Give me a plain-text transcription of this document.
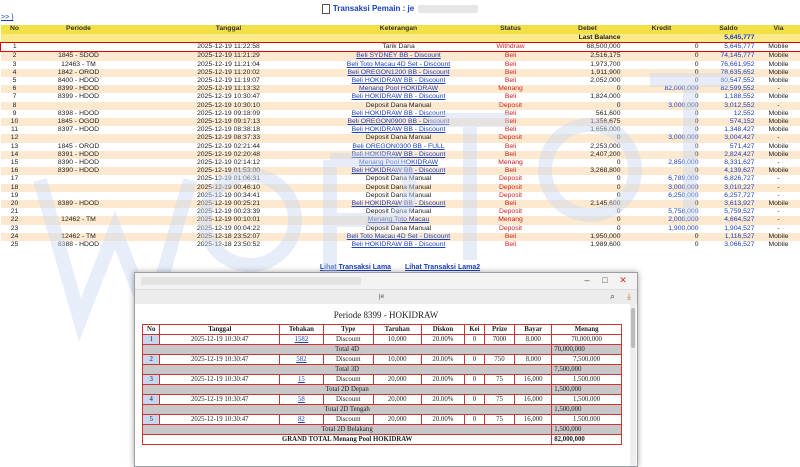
>> }
Transaksi Pemain : je
No	Periode	Tanggal	Keterangan	Status	Debet	Kredit	Saldo	Via
Last Balance							5,645,777	
1		2025-12-19 11:22:58	Tarik Dana	Withdraw	68,500,000	0	5,645,777	Mobile
2	1845 - SDOD	2025-12-19 11:21:29	Beli SYDNEY BB - Discount	Beli	2,516,175	0	74,145,777	Mobile
3	12463 - TM	2025-12-19 11:21:04	Beli Toto Macau 4D Set - Discount	Beli	1,973,700	0	76,661,952	Mobile
4	1842 - OROD	2025-12-19 11:20:02	Beli OREGON1200 BB - Discount	Beli	1,911,900	0	78,635,652	Mobile
5	8400 - HDOD	2025-12-19 11:19:07	Beli HOKIDRAW BB - Discount	Beli	2,052,000	0	80,547,552	Mobile
6	8399 - HDOD	2025-12-19 11:13:32	Menang Pool HOKIDRAW	Menang	0	82,000,000	82,599,552	-
7	8399 - HDOD	2025-12-19 10:30:47	Beli HOKIDRAW BB - Discount	Beli	1,824,000	0	1,188,552	Mobile
8		2025-12-19 10:30:10	Deposit Dana Manual	Deposit	0	3,000,000	3,012,552	-
9	8398 - HDOD	2025-12-19 09:18:09	Beli HOKIDRAW BB - Discount	Beli	561,600	0	12,552	Mobile
10	1845 - OGOD	2025-12-19 09:17:13	Beli OREGON0900 BB - Discount	Beli	1,356,675	0	574,152	Mobile
11	8397 - HDOD	2025-12-19 08:38:18	Beli HOKIDRAW BB - Discount	Beli	1,656,000	0	1,348,427	Mobile
12		2025-12-19 08:37:33	Deposit Dana Manual	Deposit	0	3,000,000	3,004,427	-
13	1845 - OROD	2025-12-19 02:21:44	Beli OREGON0300 BB - FULL	Beli	2,253,000	0	571,427	Mobile
14	8391 - HDOD	2025-12-19 02:20:48	Beli HOKIDRAW BB - Discount	Beli	2,407,200	0	2,824,427	Mobile
15	8390 - HDOD	2025-12-19 02:14:12	Menang Pool HOKIDRAW	Menang	0	2,850,000	8,331,627	-
16	8390 - HDOD	2025-12-19 01:53:00	Beli HOKIDRAW BB - Discount	Beli	3,268,800	0	4,139,627	Mobile
17		2025-12-19 01:06:31	Deposit Dana Manual	Deposit	0	6,789,000	6,826,727	-
18		2025-12-19 00:46:10	Deposit Dana Manual	Deposit	0	3,000,000	3,010,227	-
19		2025-12-19 00:34:41	Deposit Dana Manual	Deposit	0	6,250,000	6,257,727	-
20	8389 - HDOD	2025-12-19 00:25:21	Beli HOKIDRAW BB - Discount	Beli	2,145,600	0	3,613,927	Mobile
21		2025-12-19 00:23:39	Deposit Dana Manual	Deposit	0	5,758,000	5,759,527	-
22	12462 - TM	2025-12-19 00:10:01	Menang Toto Macau	Menang	0	2,000,000	4,664,527	-
23		2025-12-19 00:04:22	Deposit Dana Manual	Deposit	0	1,900,000	1,904,527	-
24	12462 - TM	2025-12-18 23:52:07	Beli Toto Macau 4D Set - Discount	Beli	1,950,000	0	1,116,527	Mobile
25	8388 - HDOD	2025-12-18 23:50:52	Beli HOKIDRAW BB - Discount	Beli	1,989,600	0	3,066,527	Mobile
Lihat Transaksi Lama Lihat Transaksi Lama2
–	□	✕
je	⌕ ⤓
Periode 8399 - HOKIDRAW
No	Tanggal	Tebakan	Type	Taruhan	Diskon	Kei	Prize	Bayar	Menang
1	2025-12-19 10:30:47	1582	Discount	10,000	20.00%	0	7000	8,000	70,000,000
Total 4D									70,000,000
2	2025-12-19 10:30:47	582	Discount	10,000	20.00%	0	750	8,000	7,500,000
Total 3D									7,500,000
3	2025-12-19 10:30:47	15	Discount	20,000	20.00%	0	75	16,000	1,500,000
Total 2D Depan									1,500,000
4	2025-12-19 10:30:47	58	Discount	20,000	20.00%	0	75	16,000	1,500,000
Total 2D Tengah									1,500,000
5	2025-12-19 10:30:47	82	Discount	20,000	20.00%	0	75	16,000	1,500,000
Total 2D Belakang									1,500,000
GRAND TOTAL Menang Pool HOKIDRAW									82,000,000
